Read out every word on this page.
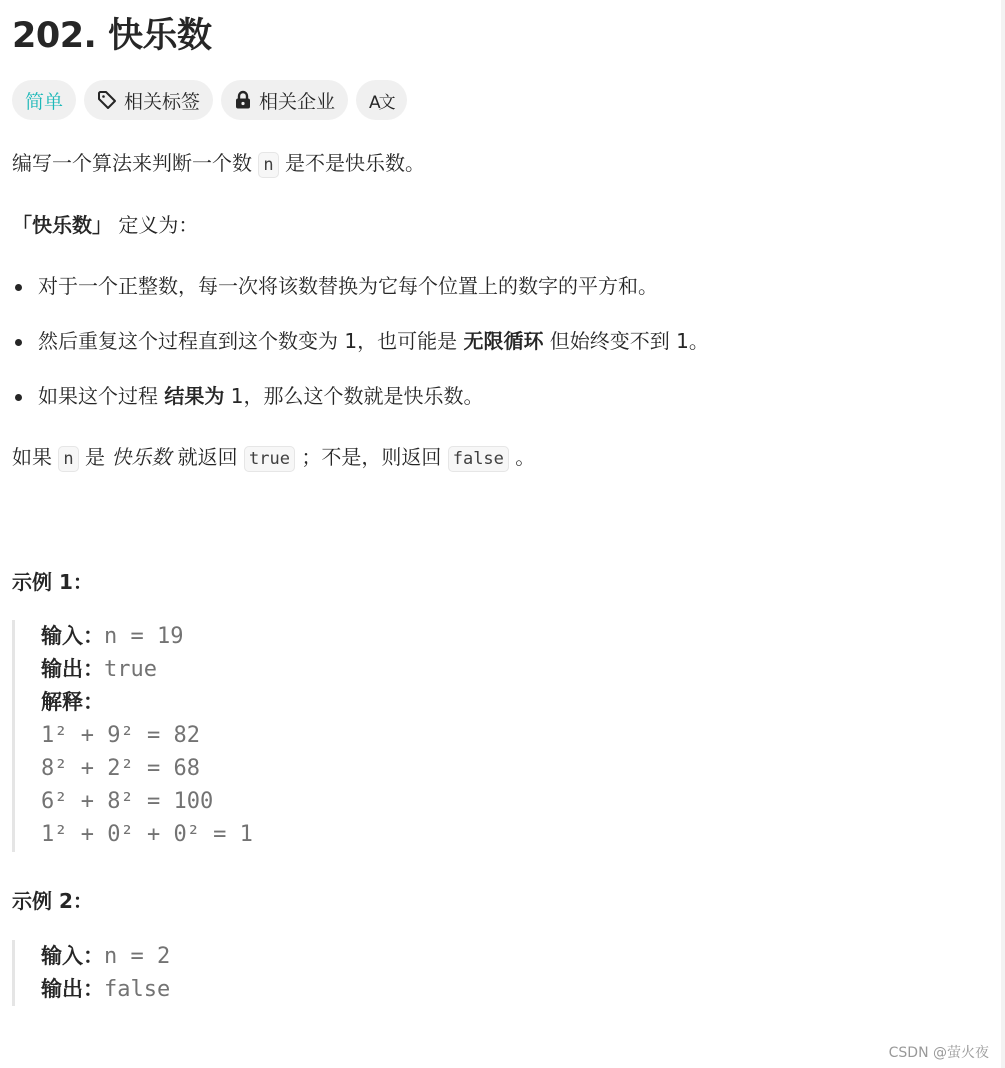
202. 快乐数
简单	相关标签	相关企业 A文
编写一个算法来判断一个数 n 是不是快乐数。
「快乐数」 定义为：
对于一个正整数，每一次将该数替换为它每个位置上的数字的平方和。
然后重复这个过程直到这个数变为 1，也可能是 无限循环 但始终变不到 1。
如果这个过程 结果为 1，那么这个数就是快乐数。
如果 n 是 快乐数 就返回 true ；不是，则返回 false 。
示例 1：
输入：n = 19
输出：true
解释：
1² + 9² = 82
8² + 2² = 68
6² + 8² = 100
1² + 0² + 0² = 1
示例 2：
输入：n = 2
输出：false
CSDN @萤火夜
